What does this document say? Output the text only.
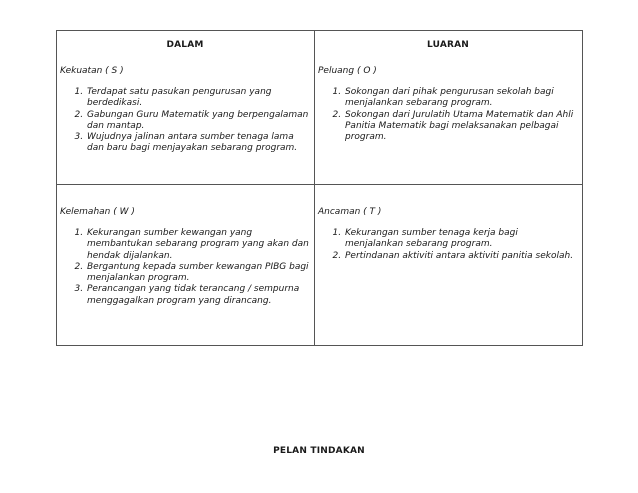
DALAM
Kekuatan ( S )
1. Terdapat satu pasukan pengurusan yang berdedikasi.
2. Gabungan Guru Matematik yang berpengalaman dan mantap.
3. Wujudnya jalinan antara sumber tenaga lama dan baru bagi menjayakan sebarang program.
LUARAN
Peluang ( O )
1. Sokongan dari pihak pengurusan sekolah bagi menjalankan sebarang program.
2. Sokongan dari Jurulatih Utama Matematik dan Ahli Panitia Matematik bagi melaksanakan pelbagai program.
Kelemahan ( W )
1. Kekurangan sumber kewangan yang membantukan sebarang program yang akan dan hendak dijalankan.
2. Bergantung kepada sumber kewangan PIBG bagi menjalankan program.
3. Perancangan yang tidak terancang / sempurna menggagalkan program yang dirancang.
Ancaman ( T )
1. Kekurangan sumber tenaga kerja bagi menjalankan sebarang program.
2. Pertindanan aktiviti antara aktiviti panitia sekolah.
PELAN TINDAKAN
